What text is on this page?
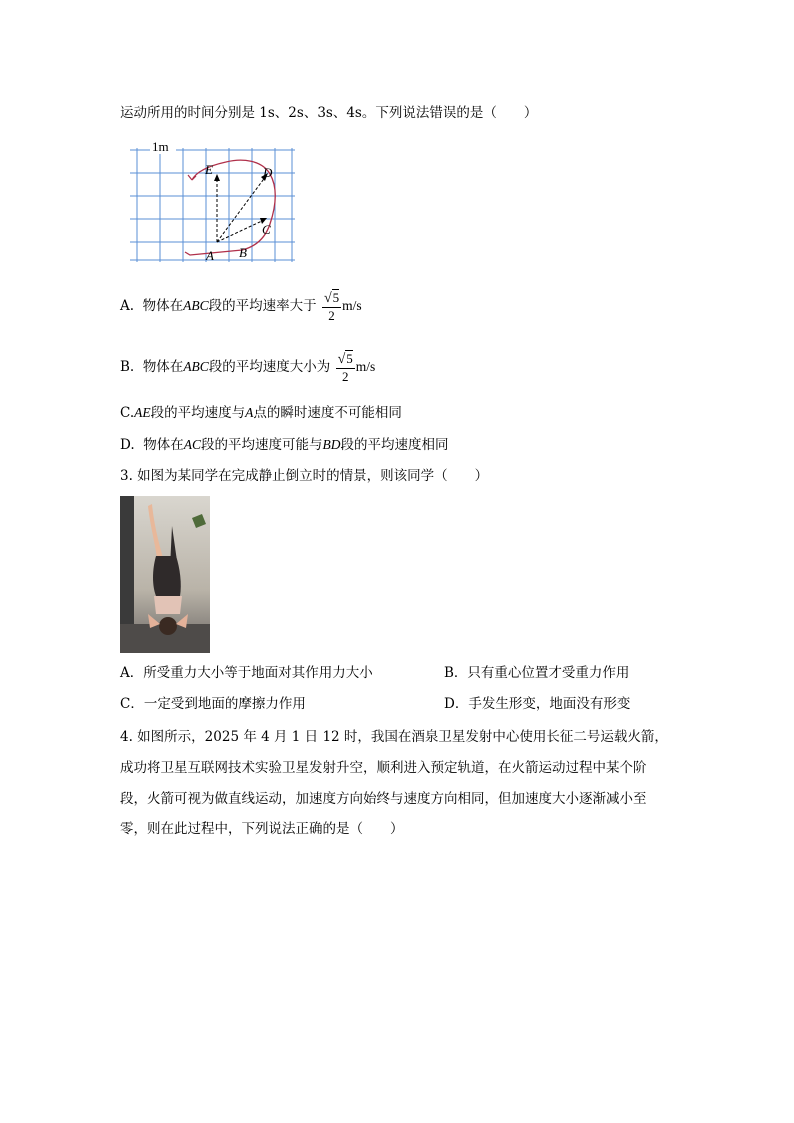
运动所用的时间分别是 1s、2s、3s、4s。下列说法错误的是（　　）
1m
E	D
C
B
A
A. 物体在ABC段的平均速率大于 $\frac{√5}{2} m/s$
B. 物体在ABC段的平均速度大小为 $\frac{√5}{2} m/s$
C.AE段的平均速度与A点的瞬时速度不可能相同
D. 物体在AC段的平均速度可能与BD段的平均速度相同
3. 如图为某同学在完成静止倒立时的情景，则该同学（　　）
A．所受重力大小等于地面对其作用力大小	B．只有重心位置才受重力作用
C．一定受到地面的摩擦力作用	D．手发生形变，地面没有形变
4. 如图所示，2025 年 4 月 1 日 12 时，我国在酒泉卫星发射中心使用长征二号运载火箭，
成功将卫星互联网技术实验卫星发射升空，顺利进入预定轨道，在火箭运动过程中某个阶
段，火箭可视为做直线运动，加速度方向始终与速度方向相同，但加速度大小逐渐减小至
零，则在此过程中，下列说法正确的是（　　）
